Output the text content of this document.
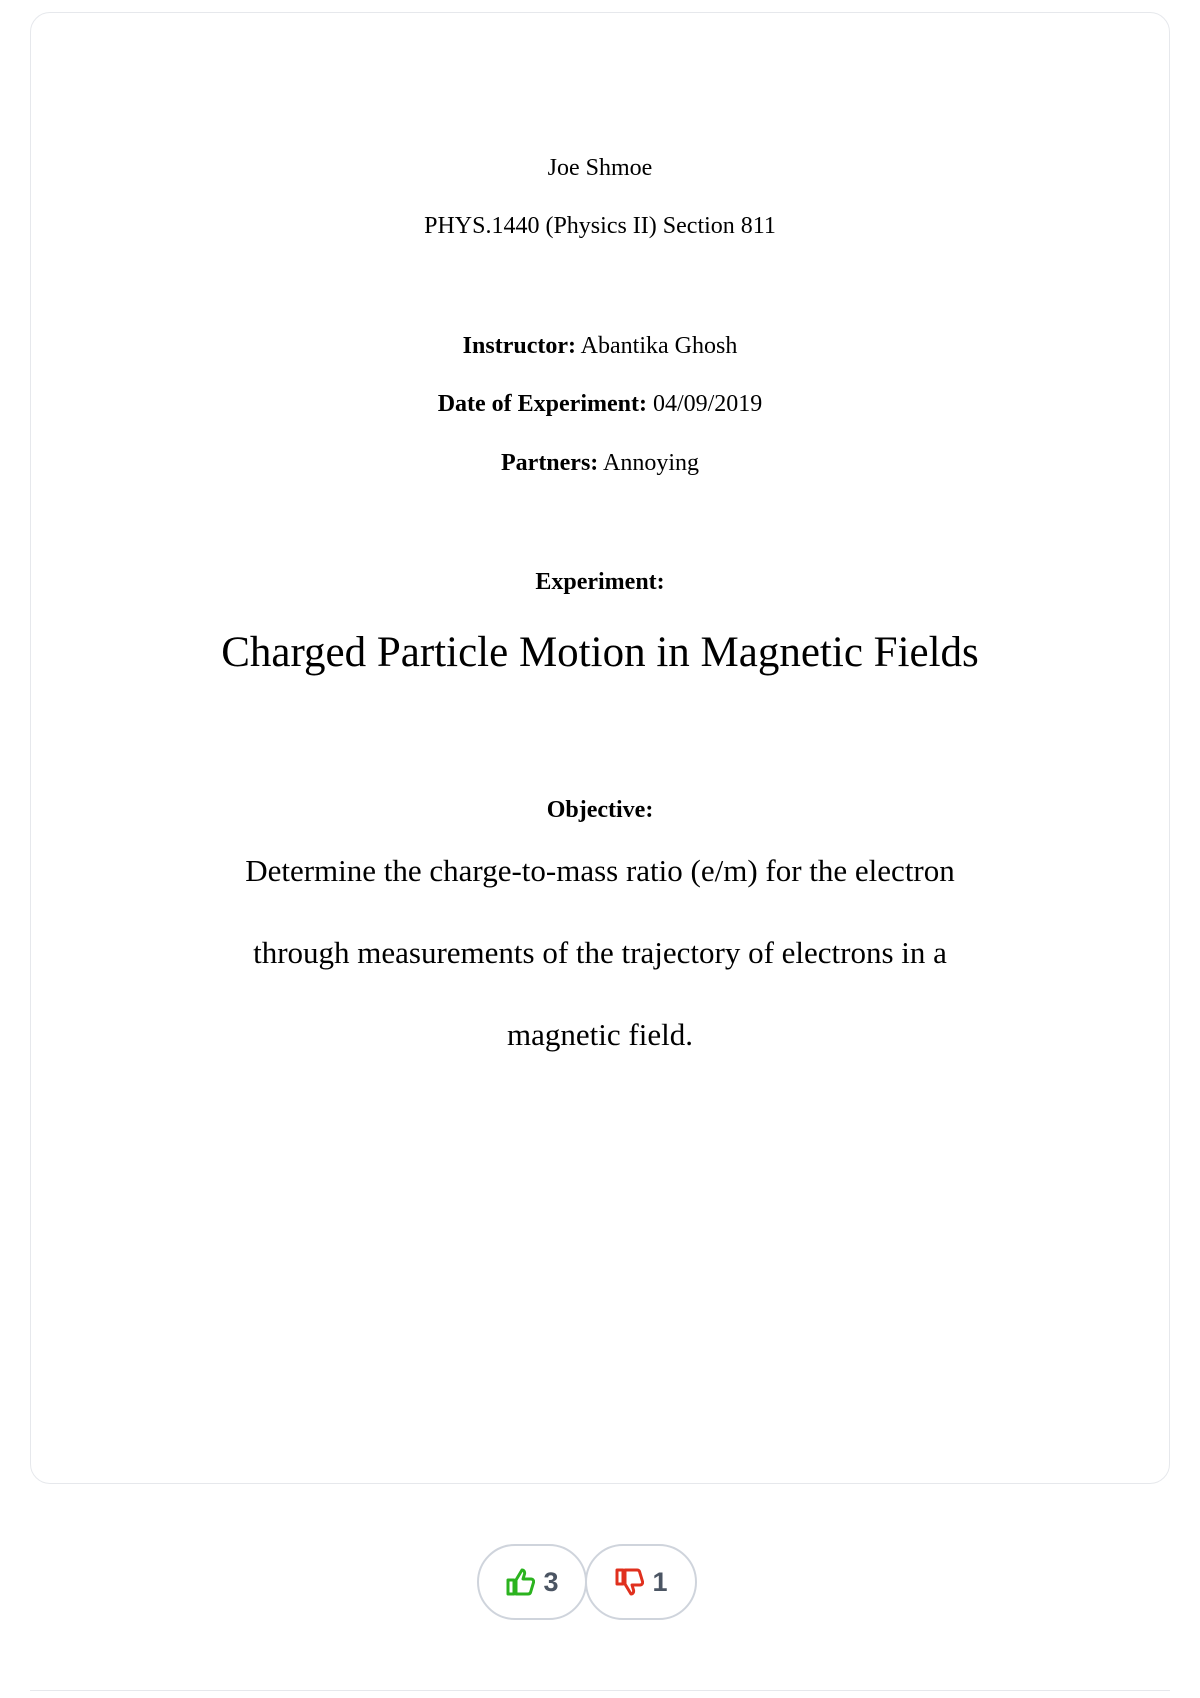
Joe Shmoe
PHYS.1440 (Physics II) Section 811
Instructor: Abantika Ghosh
Date of Experiment: 04/09/2019
Partners: Annoying
Experiment:
Charged Particle Motion in Magnetic Fields
Objective:
Determine the charge-to-mass ratio (e/m) for the electron
through measurements of the trajectory of electrons in a
magnetic field.
3	1
